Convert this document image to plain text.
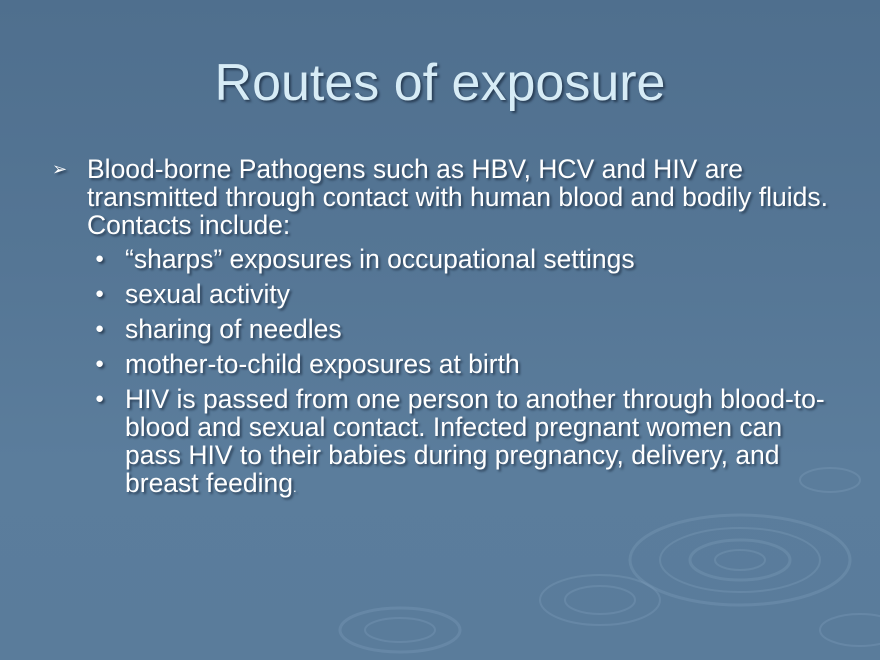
Routes of exposure
➢ Blood-borne Pathogens such as HBV, HCV and HIV are transmitted through contact with human blood and bodily fluids. Contacts include:
● “sharps” exposures in occupational settings
● sexual activity
● sharing of needles
● mother-to-child exposures at birth
● HIV is passed from one person to another through blood-to-blood and sexual contact. Infected pregnant women can pass HIV to their babies during pregnancy, delivery, and breast feeding.
